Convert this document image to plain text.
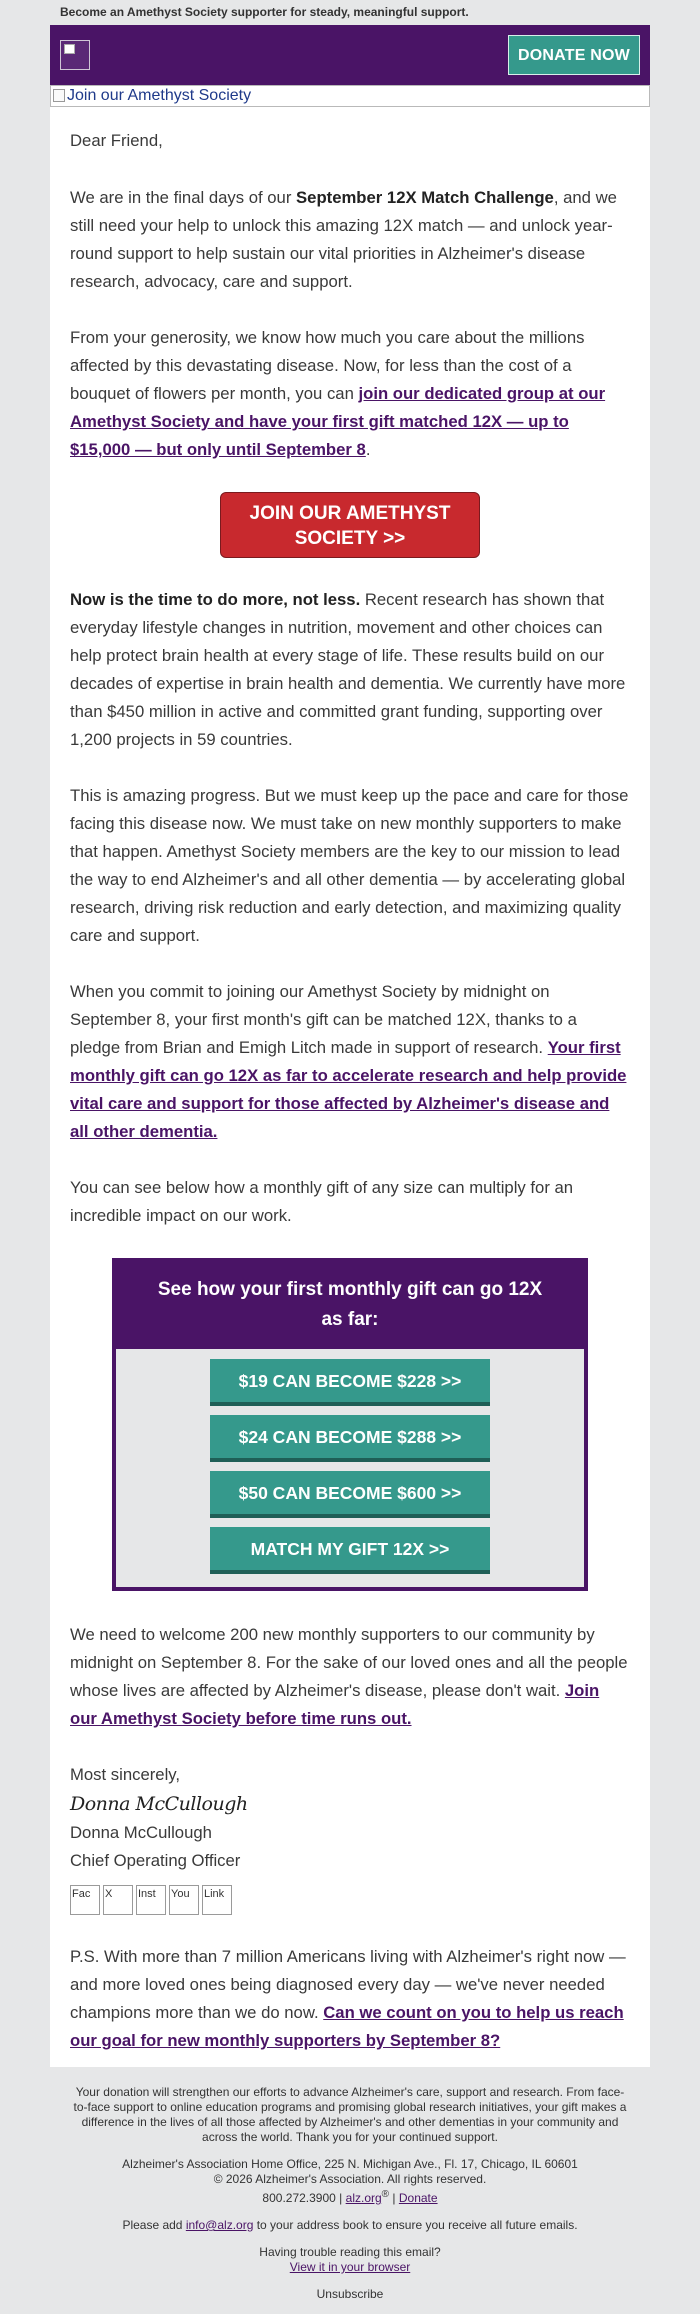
Become an Amethyst Society supporter for steady, meaningful support.
DONATE NOW
Join our Amethyst Society

Dear Friend,

We are in the final days of our September 12X Match Challenge, and we still need your help to unlock this amazing 12X match — and unlock year-round support to help sustain our vital priorities in Alzheimer's disease research, advocacy, care and support.

From your generosity, we know how much you care about the millions affected by this devastating disease. Now, for less than the cost of a bouquet of flowers per month, you can join our dedicated group at our Amethyst Society and have your first gift matched 12X — up to $15,000 — but only until September 8.

JOIN OUR AMETHYST SOCIETY >>

Now is the time to do more, not less. Recent research has shown that everyday lifestyle changes in nutrition, movement and other choices can help protect brain health at every stage of life. These results build on our decades of expertise in brain health and dementia. We currently have more than $450 million in active and committed grant funding, supporting over 1,200 projects in 59 countries.

This is amazing progress. But we must keep up the pace and care for those facing this disease now. We must take on new monthly supporters to make that happen. Amethyst Society members are the key to our mission to lead the way to end Alzheimer's and all other dementia — by accelerating global research, driving risk reduction and early detection, and maximizing quality care and support.

When you commit to joining our Amethyst Society by midnight on September 8, your first month's gift can be matched 12X, thanks to a pledge from Brian and Emigh Litch made in support of research. Your first monthly gift can go 12X as far to accelerate research and help provide vital care and support for those affected by Alzheimer's disease and all other dementia.

You can see below how a monthly gift of any size can multiply for an incredible impact on our work.

See how your first monthly gift can go 12X as far:
$19 CAN BECOME $228 >>
$24 CAN BECOME $288 >>
$50 CAN BECOME $600 >>
MATCH MY GIFT 12X >>

We need to welcome 200 new monthly supporters to our community by midnight on September 8. For the sake of our loved ones and all the people whose lives are affected by Alzheimer's disease, please don't wait. Join our Amethyst Society before time runs out.

Most sincerely,
Donna McCullough
Donna McCullough
Chief Operating Officer
Fac X Inst You Link

P.S. With more than 7 million Americans living with Alzheimer's right now — and more loved ones being diagnosed every day — we've never needed champions more than we do now. Can we count on you to help us reach our goal for new monthly supporters by September 8?

Your donation will strengthen our efforts to advance Alzheimer's care, support and research. From face-to-face support to online education programs and promising global research initiatives, your gift makes a difference in the lives of all those affected by Alzheimer's and other dementias in your community and across the world. Thank you for your continued support.

Alzheimer's Association Home Office, 225 N. Michigan Ave., Fl. 17, Chicago, IL 60601
© 2026 Alzheimer's Association. All rights reserved.
800.272.3900 | alz.org® | Donate

Please add info@alz.org to your address book to ensure you receive all future emails.

Having trouble reading this email?
View it in your browser

Unsubscribe
